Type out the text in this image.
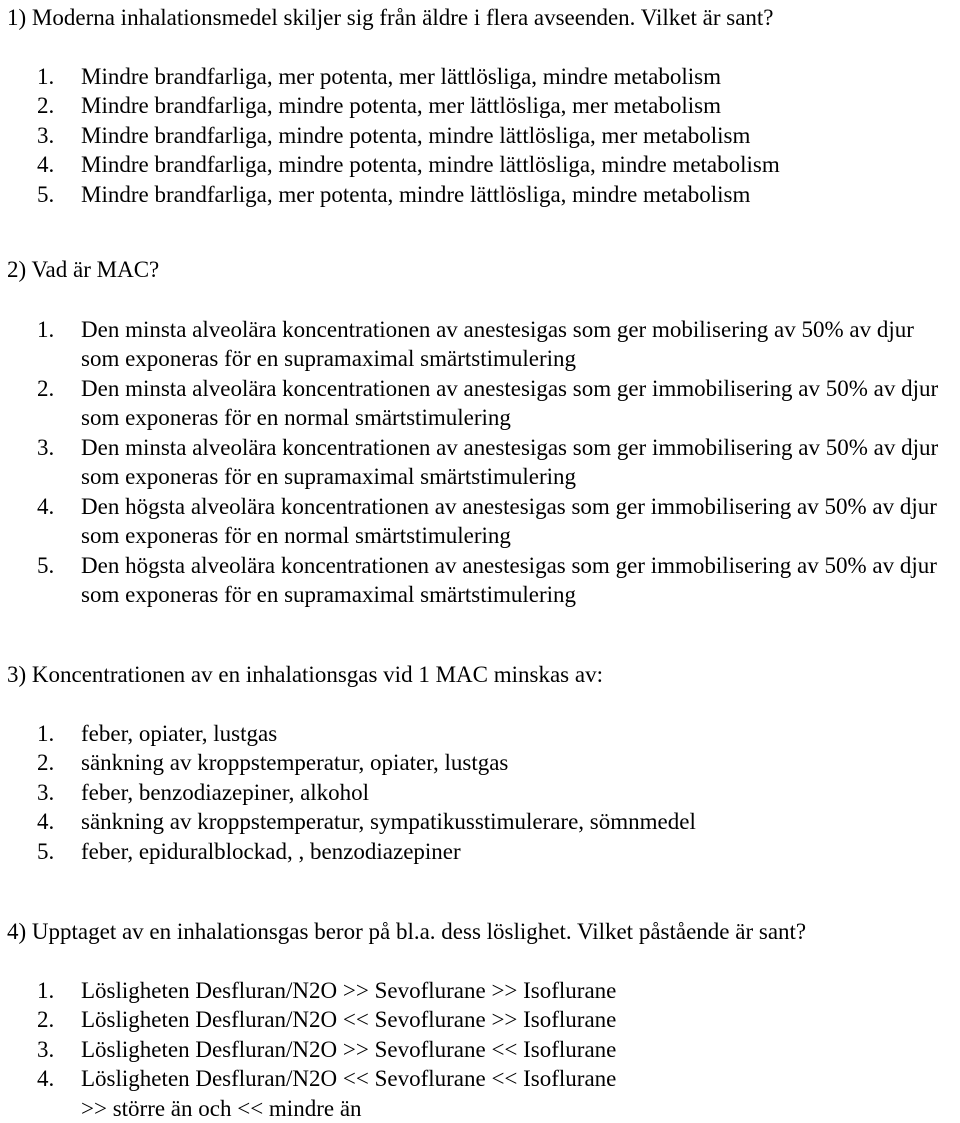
1) Moderna inhalationsmedel skiljer sig från äldre i flera avseenden. Vilket är sant?

1. Mindre brandfarliga, mer potenta, mer lättlösliga, mindre metabolism
2. Mindre brandfarliga, mindre potenta, mer lättlösliga, mer metabolism
3. Mindre brandfarliga, mindre potenta, mindre lättlösliga, mer metabolism
4. Mindre brandfarliga, mindre potenta, mindre lättlösliga, mindre metabolism
5. Mindre brandfarliga, mer potenta, mindre lättlösliga, mindre metabolism

2) Vad är MAC?

1. Den minsta alveolära koncentrationen av anestesigas som ger mobilisering av 50% av djur som exponeras för en supramaximal smärtstimulering
2. Den minsta alveolära koncentrationen av anestesigas som ger immobilisering av 50% av djur som exponeras för en normal smärtstimulering
3. Den minsta alveolära koncentrationen av anestesigas som ger immobilisering av 50% av djur som exponeras för en supramaximal smärtstimulering
4. Den högsta alveolära koncentrationen av anestesigas som ger immobilisering av 50% av djur som exponeras för en normal smärtstimulering
5. Den högsta alveolära koncentrationen av anestesigas som ger immobilisering av 50% av djur som exponeras för en supramaximal smärtstimulering

3) Koncentrationen av en inhalationsgas vid 1 MAC minskas av:

1. feber, opiater, lustgas
2. sänkning av kroppstemperatur, opiater, lustgas
3. feber, benzodiazepiner, alkohol
4. sänkning av kroppstemperatur, sympatikusstimulerare, sömnmedel
5. feber, epiduralblockad, , benzodiazepiner

4) Upptaget av en inhalationsgas beror på bl.a. dess löslighet. Vilket påstående är sant?

1. Lösligheten Desfluran/N2O >> Sevoflurane >> Isoflurane
2. Lösligheten Desfluran/N2O << Sevoflurane >> Isoflurane
3. Lösligheten Desfluran/N2O >> Sevoflurane << Isoflurane
4. Lösligheten Desfluran/N2O << Sevoflurane << Isoflurane
>> större än och << mindre än
